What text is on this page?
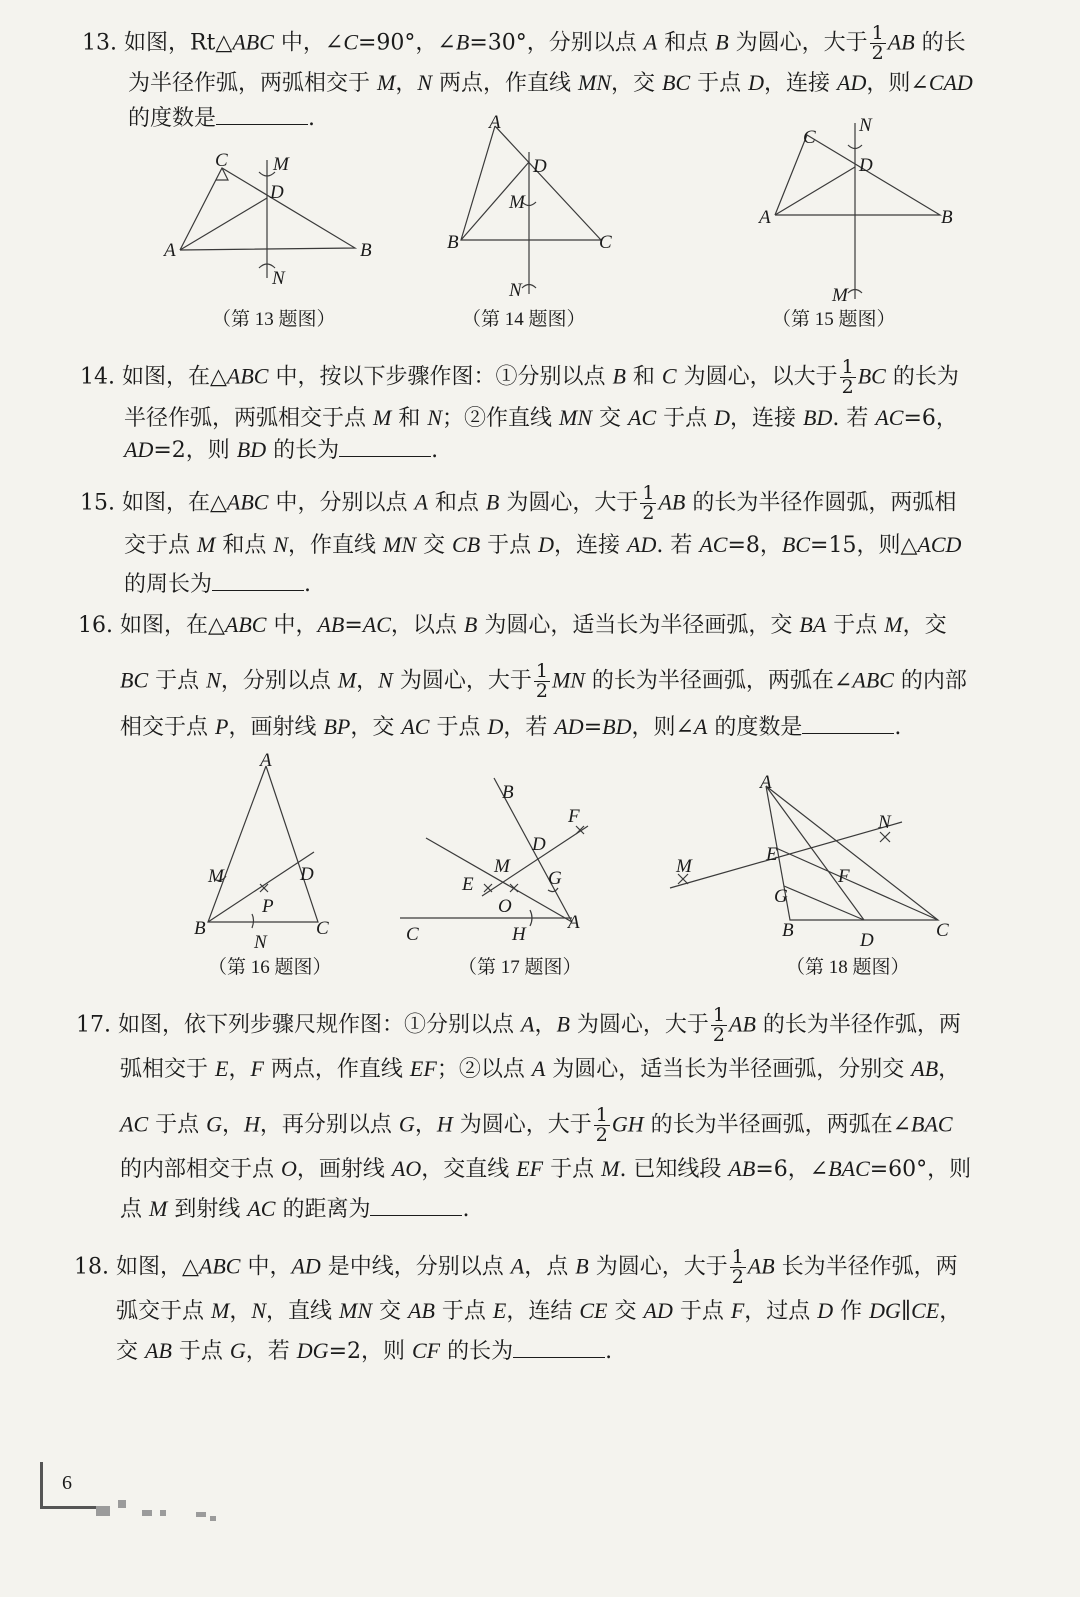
13. 如图，Rt△ABC 中，∠C=90°，∠B=30°，分别以点 A 和点 B 为圆心，大于 $\frac{1}{2}$ AB 的长
为半径作弧，两弧相交于 M，N 两点，作直线 MN，交 BC 于点 D，连接 AD，则∠CAD
的度数是	.
C M
D
A	B
N
A
D
M
B	C
N
C
N
D
A	B
M
（第 13 题图）	（第 14 题图）	（第 15 题图）
14. 如图，在△ABC 中，按以下步骤作图：①分别以点 B 和 C 为圆心，以大于 $\frac{1}{2}$ BC 的长为
半径作弧，两弧相交于点 M 和 N；②作直线 MN 交 AC 于点 D，连接 BD. 若 AC=6，
AD=2，则 BD 的长为	.
15. 如图，在△ABC 中，分别以点 A 和点 B 为圆心，大于 $\frac{1}{2}$ AB 的长为半径作圆弧，两弧相
交于点 M 和点 N，作直线 MN 交 CB 于点 D，连接 AD. 若 AC=8，BC=15，则△ACD
的周长为	.
16. 如图，在△ABC 中，AB=AC，以点 B 为圆心，适当长为半径画弧，交 BA 于点 M，交
BC 于点 N，分别以点 M，N 为圆心，大于 $\frac{1}{2}$ MN 的长为半径画弧，两弧在∠ABC 的内部
相交于点 P，画射线 BP，交 AC 于点 D，若 AD=BD，则∠A 的度数是	.
A
M	D
P
B
N
C
B
F
D
M
E	G
O
C	H
A
A
N
M
E
F
G
B	D	C
（第 16 题图）	（第 17 题图）	（第 18 题图）
17. 如图，依下列步骤尺规作图：①分别以点 A，B 为圆心，大于 $\frac{1}{2}$ AB 的长为半径作弧，两
弧相交于 E，F 两点，作直线 EF；②以点 A 为圆心，适当长为半径画弧，分别交 AB，
AC 于点 G，H，再分别以点 G，H 为圆心，大于 $\frac{1}{2}$ GH 的长为半径画弧，两弧在∠BAC
的内部相交于点 O，画射线 AO，交直线 EF 于点 M. 已知线段 AB=6，∠BAC=60°，则
点 M 到射线 AC 的距离为	.
18. 如图，△ABC 中，AD 是中线，分别以点 A，点 B 为圆心，大于 $\frac{1}{2}$ AB 长为半径作弧，两
弧交于点 M，N，直线 MN 交 AB 于点 E，连结 CE 交 AD 于点 F，过点 D 作 DG∥CE，
交 AB 于点 G，若 DG=2，则 CF 的长为	.
6
